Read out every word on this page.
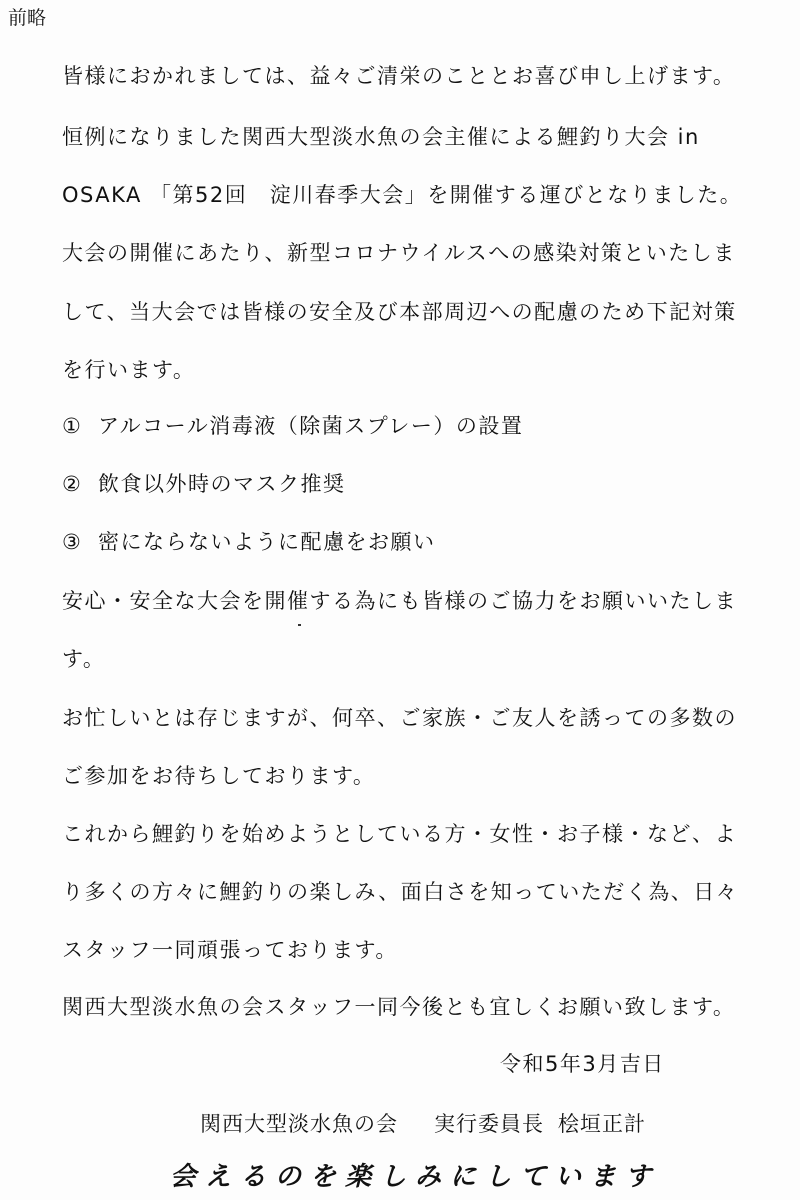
前略
皆様におかれましては、益々ご清栄のこととお喜び申し上げます。
恒例になりました関西大型淡水魚の会主催による鯉釣り大会 in
OSAKA 「第52回　淀川春季大会」を開催する運びとなりました。
大会の開催にあたり、新型コロナウイルスへの感染対策といたしま
して、当大会では皆様の安全及び本部周辺への配慮のため下記対策
を行います。
① アルコール消毒液（除菌スプレー）の設置
② 飲食以外時のマスク推奨
③ 密にならないように配慮をお願い
安心・安全な大会を開催する為にも皆様のご協力をお願いいたしま
す。
お忙しいとは存じますが、何卒、ご家族・ご友人を誘っての多数の
ご参加をお待ちしております。
これから鯉釣りを始めようとしている方・女性・お子様・など、よ
り多くの方々に鯉釣りの楽しみ、面白さを知っていただく為、日々
スタッフ一同頑張っております。
関西大型淡水魚の会スタッフ一同今後とも宜しくお願い致します。
令和5年3月吉日
関西大型淡水魚の会 実行委員長 桧垣正計
会えるのを楽しみにしています
